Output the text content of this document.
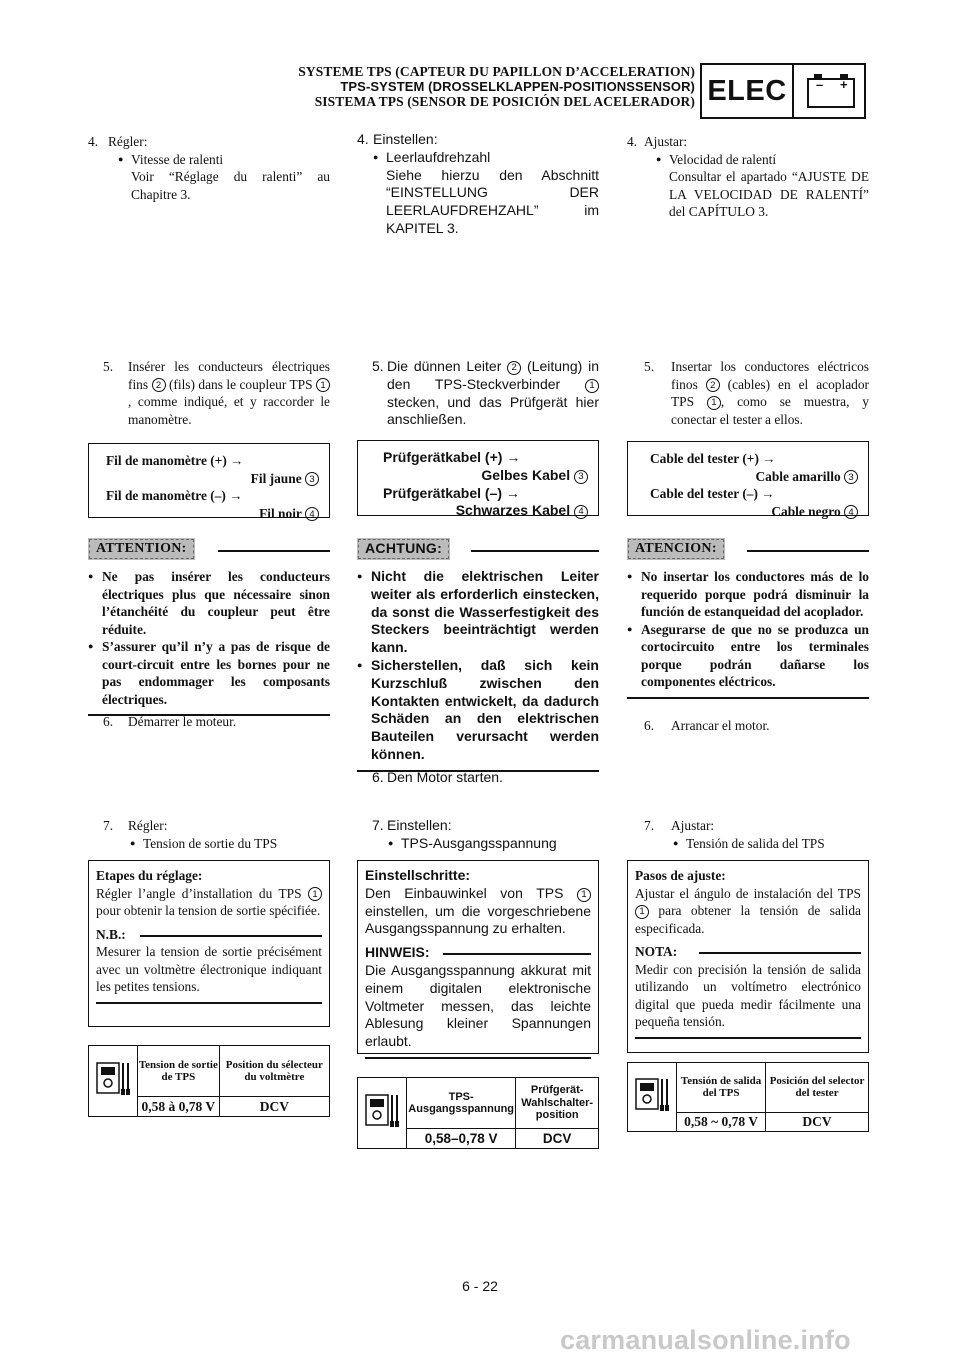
SYSTEME TPS (CAPTEUR DU PAPILLON D’ACCELERATION)
TPS-SYSTEM (DROSSELKLAPPEN-POSITIONSSENSOR)
SISTEMA TPS (SENSOR DE POSICIÓN DEL ACELERADOR) ELEC	– +
4. Régler:
● Vitesse de ralenti
Voir “Réglage du ralenti” au Chapitre 3.
5. Insérer les conducteurs électriques fins 2 (fils) dans le coupleur TPS 1, comme indiqué, et y raccorder le manomètre.
Fil de manomètre (+) →
Fil jaune 3
Fil de manomètre (–) →
Fil noir 4
ATTENTION:
● Ne pas insérer les conducteurs électriques plus que nécessaire sinon l’étanchéité du coupleur peut être réduite.
● S’assurer qu’il n’y a pas de risque de court-circuit entre les bornes pour ne pas endommager les composants électriques.
6. Démarrer le moteur.
7. Régler:
● Tension de sortie du TPS
Etapes du réglage:
Régler l’angle d’installation du TPS 1 pour obtenir la tension de sortie spécifiée.
N.B.:
Mesurer la tension de sortie précisément avec un voltmètre électronique indiquant les petites tensions.
	Tension de sortie de TPS	Position du sélecteur du voltmètre
	0,58 à 0,78 V	DCV
4. Einstellen:
● Leerlaufdrehzahl
Siehe hierzu den Abschnitt “EINSTELLUNG DER LEERLAUFDREHZAHL” im KAPITEL 3.
5. Die dünnen Leiter 2 (Leitung) in den TPS-Steckverbinder 1 stecken, und das Prüfgerät hier anschließen.
Prüfgerätkabel (+) →
Gelbes Kabel 3
Prüfgerätkabel (–) →
Schwarzes Kabel 4
ACHTUNG:
● Nicht die elektrischen Leiter weiter als erforderlich einstecken, da sonst die Wasserfestigkeit des Steckers beeinträchtigt werden kann.
● Sicherstellen, daß sich kein Kurzschluß zwischen den Kontakten entwickelt, da dadurch Schäden an den elektrischen Bauteilen verursacht werden können.
6. Den Motor starten.
7. Einstellen:
● TPS-Ausgangsspannung
Einstellschritte:
Den Einbauwinkel von TPS 1 einstellen, um die vorgeschriebene Ausgangsspannung zu erhalten.
HINWEIS:
Die Ausgangsspannung akkurat mit einem digitalen elektronische Voltmeter messen, das leichte Ablesung kleiner Spannungen erlaubt.
	TPS-Ausgangsspannung	Prüfgerät-Wahlschalter-position
	0,58–0,78 V	DCV
4. Ajustar:
● Velocidad de ralentí
Consultar el apartado “AJUSTE DE LA VELOCIDAD DE RALENTÍ” del CAPÍTULO 3.
5. Insertar los conductores eléctricos finos 2 (cables) en el acoplador TPS 1 , como se muestra, y conectar el tester a ellos.
Cable del tester (+) →
Cable amarillo 3
Cable del tester (–) →
Cable negro 4
ATENCION:
● No insertar los conductores más de lo requerido porque podrá disminuir la función de estanqueidad del acoplador.
● Asegurarse de que no se produzca un cortocircuito entre los terminales porque podrán dañarse los componentes eléctricos.
6. Arrancar el motor.
7. Ajustar:
● Tensión de salida del TPS
Pasos de ajuste:
Ajustar el ángulo de instalación del TPS 1 para obtener la tensión de salida especificada.
NOTA:
Medir con precisión la tensión de salida utilizando un voltímetro electrónico digital que pueda medir fácilmente una pequeña tensión.
	Tensión de salida del TPS	Posición del selector del tester
	0,58 ~ 0,78 V	DCV
6 - 22
carmanualsonline.info
